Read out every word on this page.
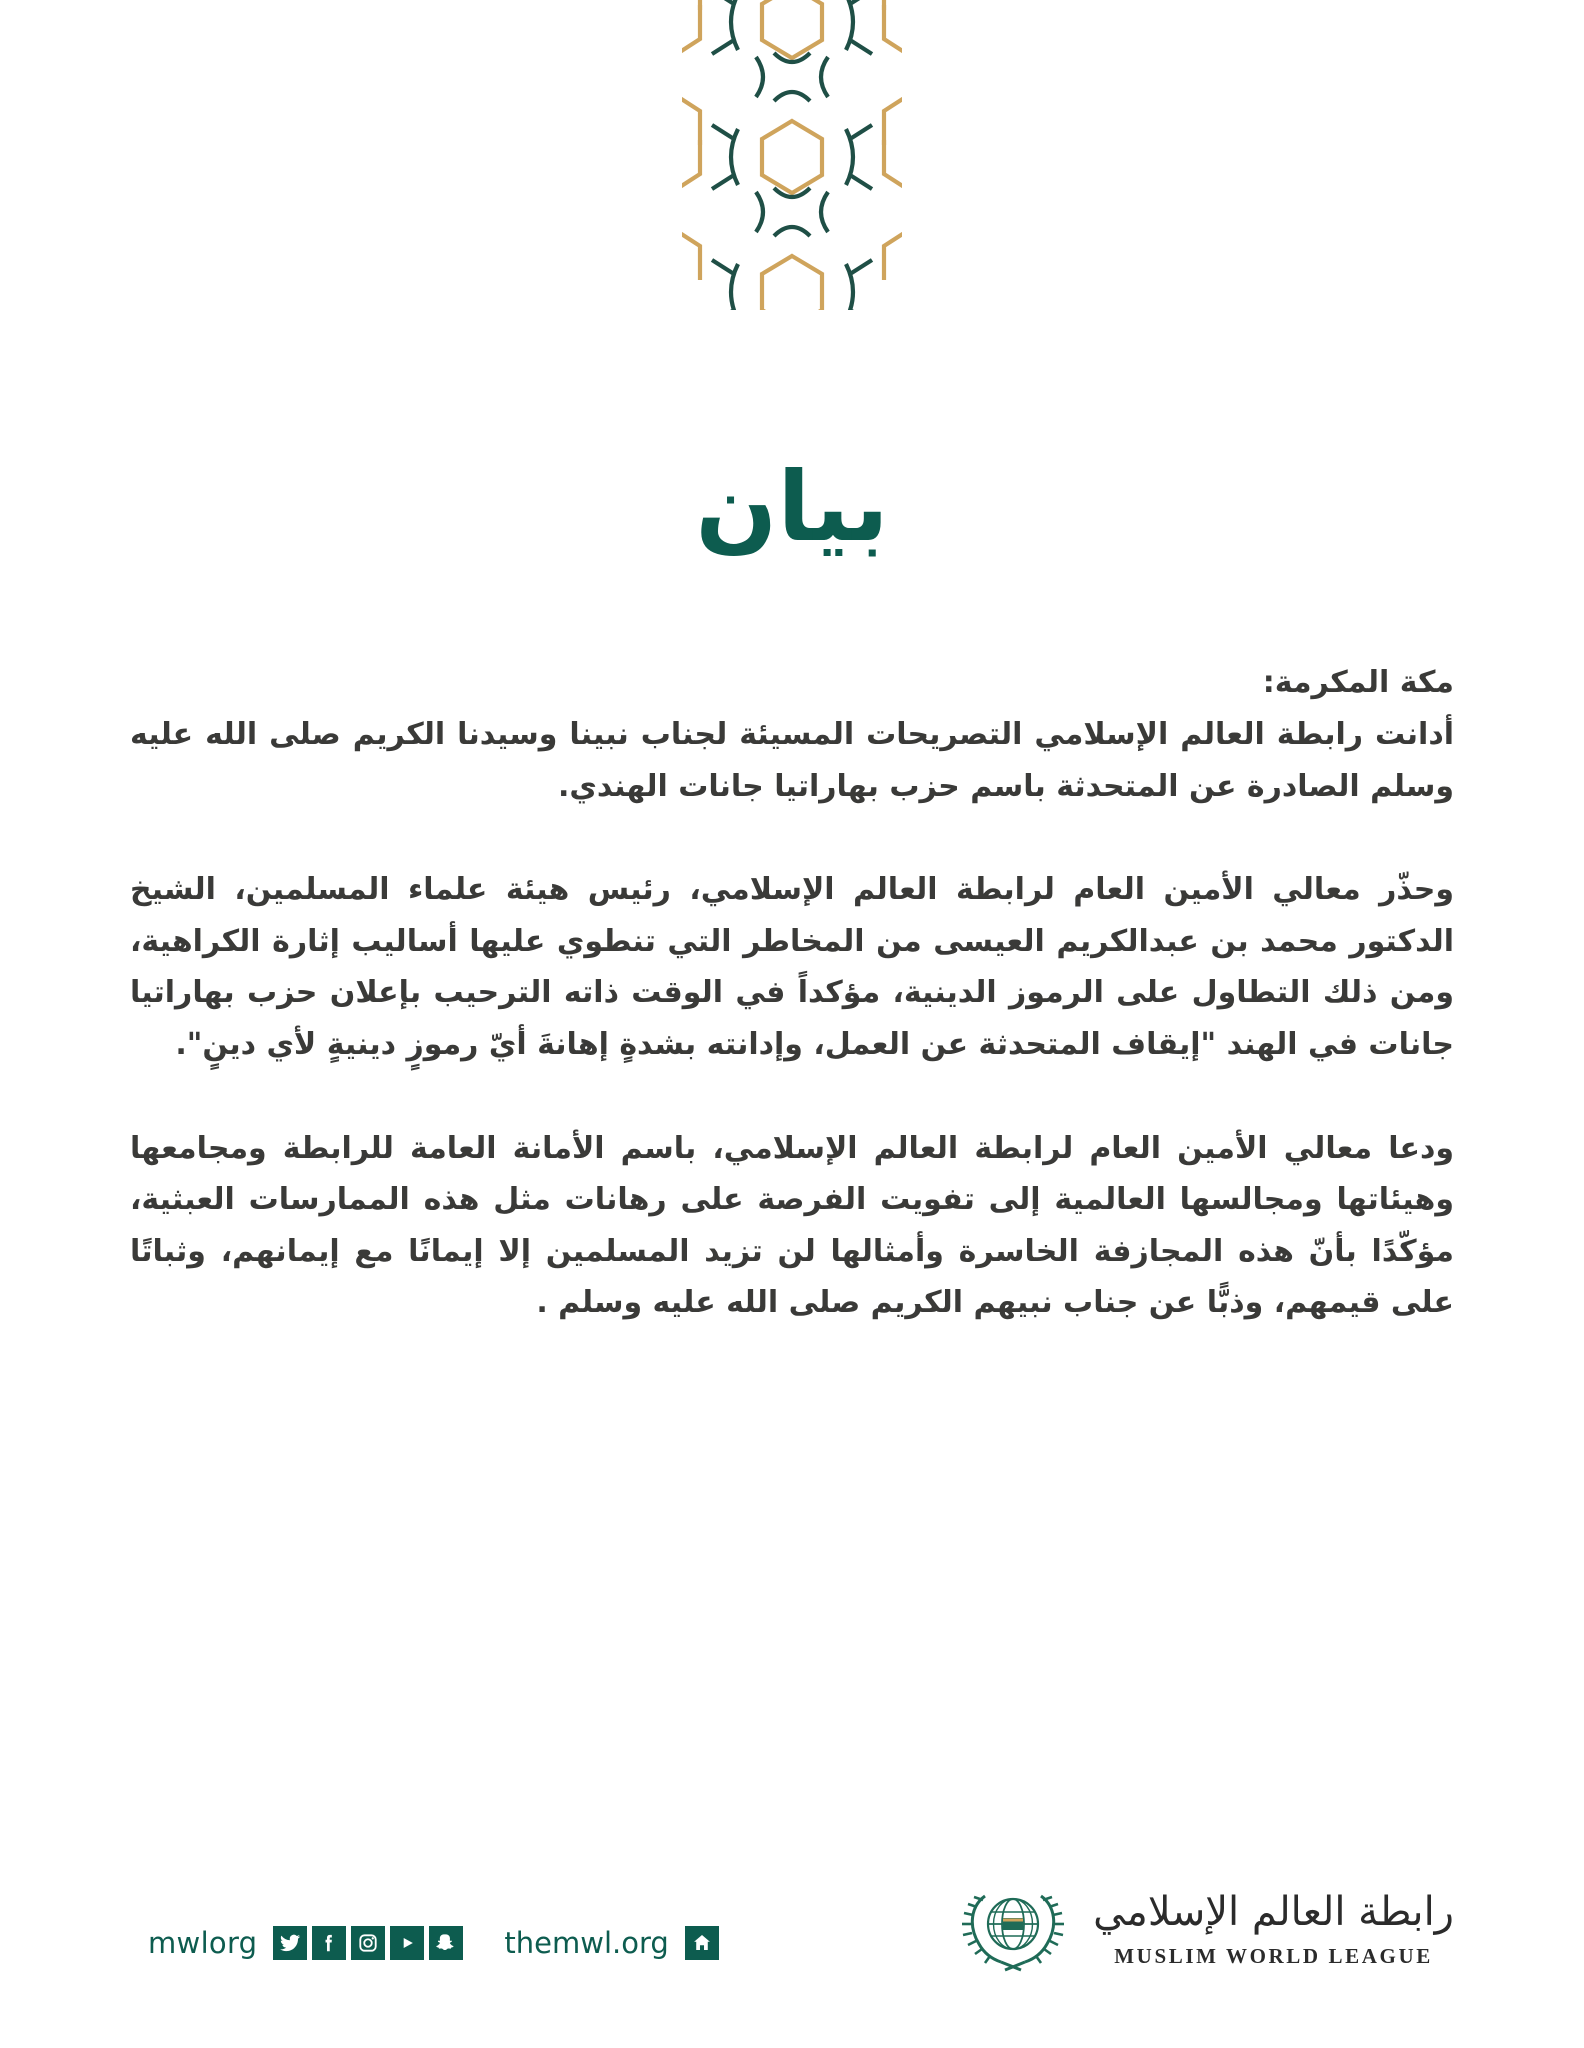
بيان
مكة المكرمة:

أدانت رابطة العالم الإسلامي التصريحات المسيئة لجناب نبينا وسيدنا الكريم صلى الله عليه وسلم الصادرة عن المتحدثة باسم حزب بهاراتيا جانات الهندي.

وحذّر معالي الأمين العام لرابطة العالم الإسلامي، رئيس هيئة علماء المسلمين، الشيخ الدكتور محمد بن عبدالكريم العيسى من المخاطر التي تنطوي عليها أساليب إثارة الكراهية، ومن ذلك التطاول على الرموز الدينية، مؤكداً في الوقت ذاته الترحيب بإعلان حزب بهاراتيا جانات في الهند "إيقاف المتحدثة عن العمل، وإدانته بشدةٍ إهانةَ أيّ رموزٍ دينيةٍ لأي دينٍ".

ودعا معالي الأمين العام لرابطة العالم الإسلامي، باسم الأمانة العامة للرابطة ومجامعها وهيئاتها ومجالسها العالمية إلى تفويت الفرصة على رهانات مثل هذه الممارسات العبثية، مؤكّدًا بأنّ هذه المجازفة الخاسرة وأمثالها لن تزيد المسلمين إلا إيمانًا مع إيمانهم، وثباتًا على قيمهم، وذبًّا عن جناب نبيهم الكريم صلى الله عليه وسلم .

mwlorg	themwl.org
رابطة العالم الإسلامي
MUSLIM WORLD LEAGUE
